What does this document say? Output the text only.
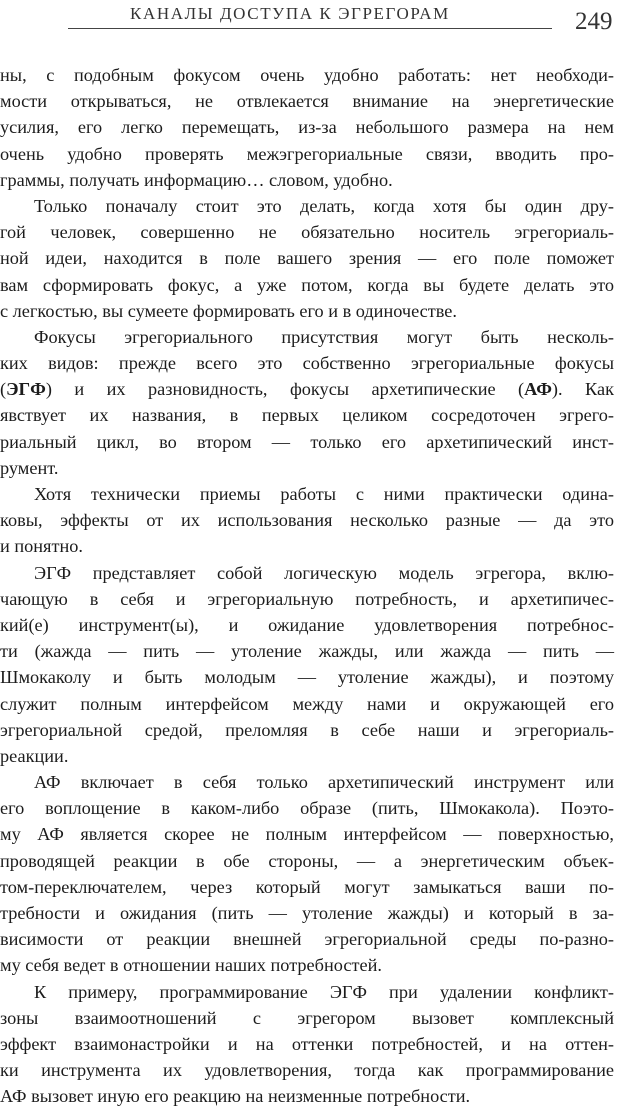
КАНАЛЫ ДОСТУПА К ЭГРЕГОРАМ	249
ны, с подобным фокусом очень удобно работать: нет необходи-
мости открываться, не отвлекается внимание на энергетические
усилия, его легко перемещать, из-за небольшого размера на нем
очень удобно проверять межэгрегориальные связи, вводить про-
граммы, получать информацию… словом, удобно.
Только поначалу стоит это делать, когда хотя бы один дру-
гой человек, совершенно не обязательно носитель эгрегориаль-
ной идеи, находится в поле вашего зрения — его поле поможет
вам сформировать фокус, а уже потом, когда вы будете делать это
с легкостью, вы сумеете формировать его и в одиночестве.
Фокусы эгрегориального присутствия могут быть несколь-
ких видов: прежде всего это собственно эгрегориальные фокусы
(ЭГФ) и их разновидность, фокусы архетипические (АФ). Как
явствует их названия, в первых целиком сосредоточен эгрего-
риальный цикл, во втором — только его архетипический инст-
румент.
Хотя технически приемы работы с ними практически одина-
ковы, эффекты от их использования несколько разные — да это
и понятно.
ЭГФ представляет собой логическую модель эгрегора, вклю-
чающую в себя и эгрегориальную потребность, и архетипичес-
кий(е) инструмент(ы), и ожидание удовлетворения потребнос-
ти (жажда — пить — утоление жажды, или жажда — пить —
Шмокаколу и быть молодым — утоление жажды), и поэтому
служит полным интерфейсом между нами и окружающей его
эгрегориальной средой, преломляя в себе наши и эгрегориаль-
реакции.
АФ включает в себя только архетипический инструмент или
его воплощение в каком-либо образе (пить, Шмокакола). Поэто-
му АФ является скорее не полным интерфейсом — поверхностью,
проводящей реакции в обе стороны, — а энергетическим объек-
том-переключателем, через который могут замыкаться ваши по-
требности и ожидания (пить — утоление жажды) и который в за-
висимости от реакции внешней эгрегориальной среды по-разно-
му себя ведет в отношении наших потребностей.
К примеру, программирование ЭГФ при удалении конфликт-
зоны взаимоотношений с эгрегором вызовет комплексный
эффект взаимонастройки и на оттенки потребностей, и на оттен-
ки инструмента их удовлетворения, тогда как программирование
АФ вызовет иную его реакцию на неизменные потребности.
